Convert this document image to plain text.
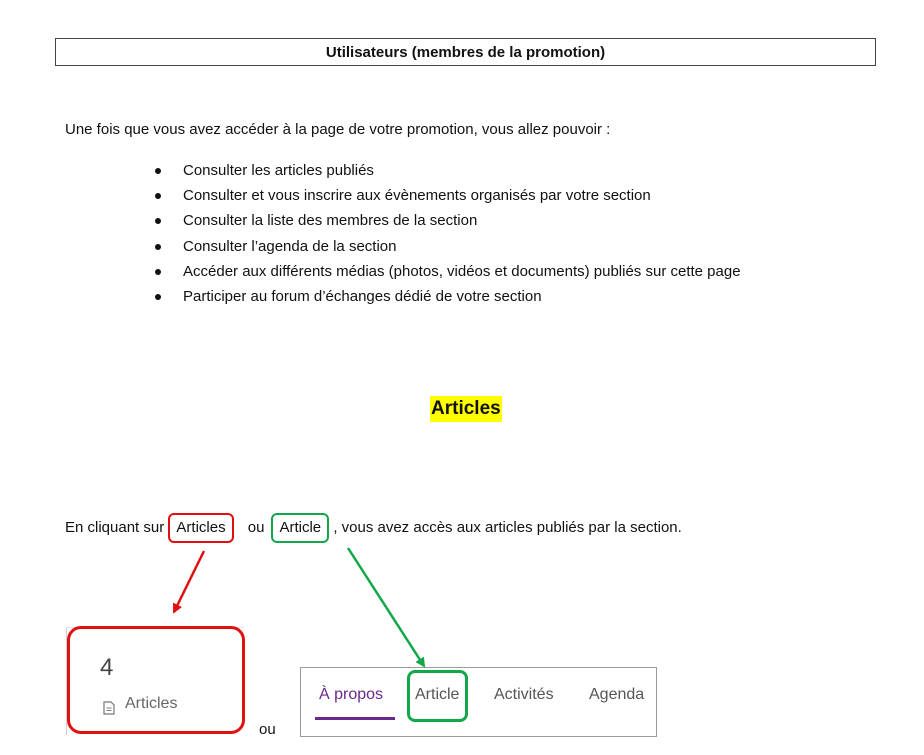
Utilisateurs (membres de la promotion)
Une fois que vous avez accéder à la page de votre promotion, vous allez pouvoir :
Consulter les articles publiés
Consulter et vous inscrire aux évènements organisés par votre section
Consulter la liste des membres de la section
Consulter l’agenda de la section
Accéder aux différents médias (photos, vidéos et documents) publiés sur cette page
Participer au forum d’échanges dédié de votre section
Articles
En cliquant sur Articles ou Article , vous avez accès aux articles publiés par la section.
4
Articles
ou
À propos Article Activités Agenda
